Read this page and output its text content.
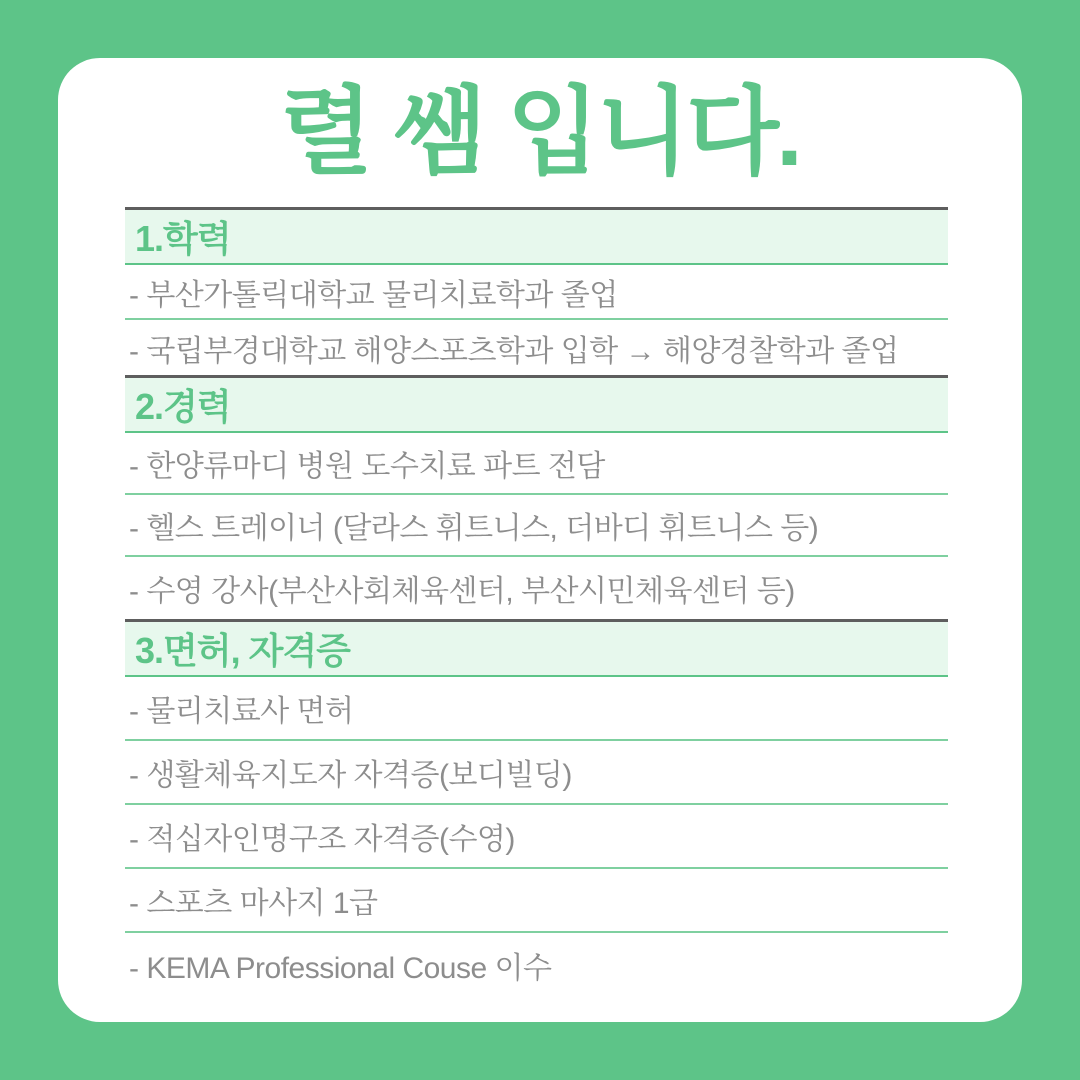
렬 쌤 입니다.
1.학력
- 부산가톨릭대학교 물리치료학과 졸업
- 국립부경대학교 해양스포츠학과 입학 → 해양경찰학과 졸업
2.경력
- 한양류마디 병원 도수치료 파트 전담
- 헬스 트레이너 (달라스 휘트니스, 더바디 휘트니스 등)
- 수영 강사(부산사회체육센터, 부산시민체육센터 등)
3.면허, 자격증
- 물리치료사 면허
- 생활체육지도자 자격증(보디빌딩)
- 적십자인명구조 자격증(수영)
- 스포츠 마사지 1급
- KEMA Professional Couse 이수
